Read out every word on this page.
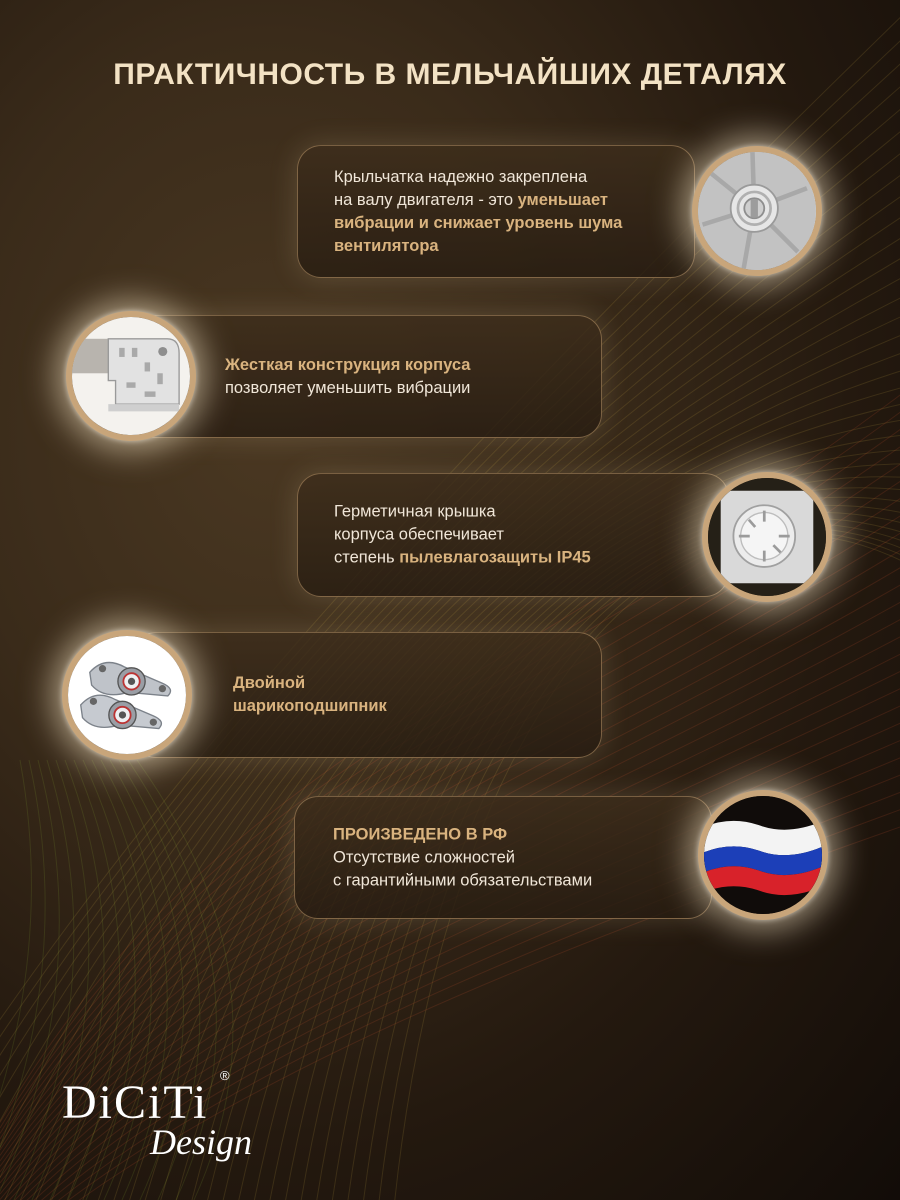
ПРАКТИЧНОСТЬ В МЕЛЬЧАЙШИХ ДЕТАЛЯХ
Крыльчатка надежно закреплена
на валу двигателя - это уменьшает
вибрации и снижает уровень шума
вентилятора
Жесткая конструкция корпуса
позволяет уменьшить вибрации
Герметичная крышка
корпуса обеспечивает
степень пылевлагозащиты IP45
Двойной
шарикоподшипник
ПРОИЗВЕДЕНО В РФ
Отсутствие сложностей
с гарантийными обязательствами
DiCiTi
®
Design
